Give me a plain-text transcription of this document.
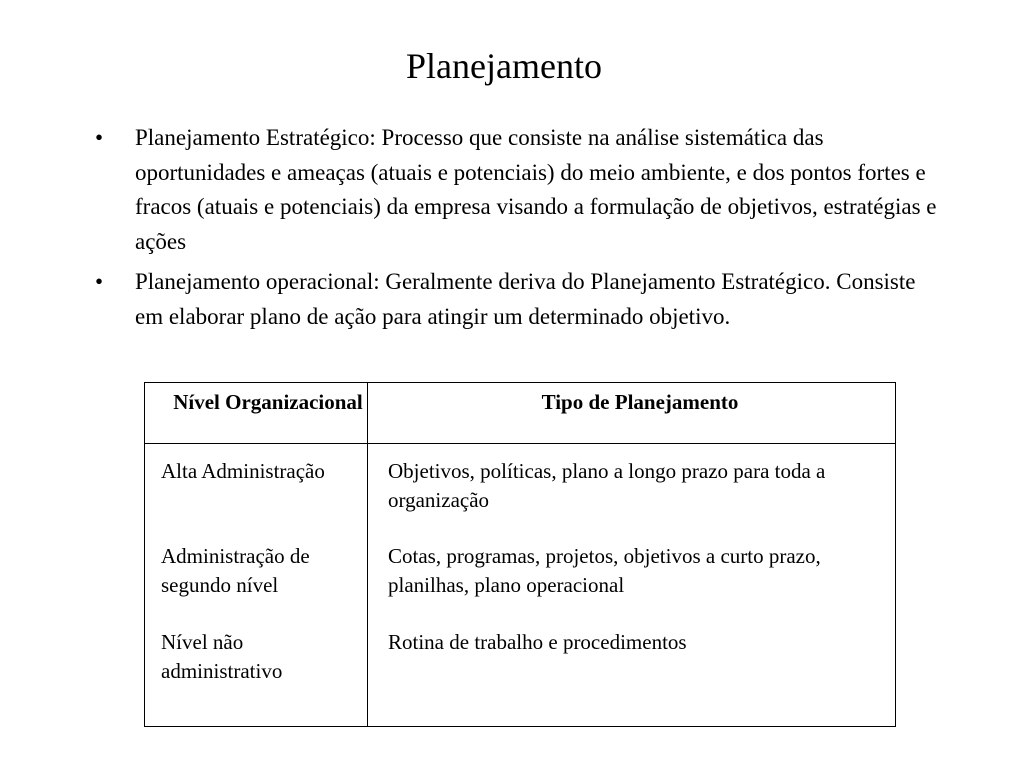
Planejamento
• Planejamento Estratégico: Processo que consiste na análise sistemática das oportunidades e ameaças (atuais e potenciais) do meio ambiente, e dos pontos fortes e fracos (atuais e potenciais) da empresa visando a formulação de objetivos, estratégias e ações
• Planejamento operacional: Geralmente deriva do Planejamento Estratégico. Consiste em elaborar plano de ação para atingir um determinado objetivo.
Nível Organizacional	Tipo de Planejamento
Alta Administração	Objetivos, políticas, plano a longo prazo para toda a organização
Administração de segundo nível
Cotas, programas, projetos, objetivos a curto prazo, planilhas, plano operacional
Nível não administrativo
Rotina de trabalho e procedimentos
